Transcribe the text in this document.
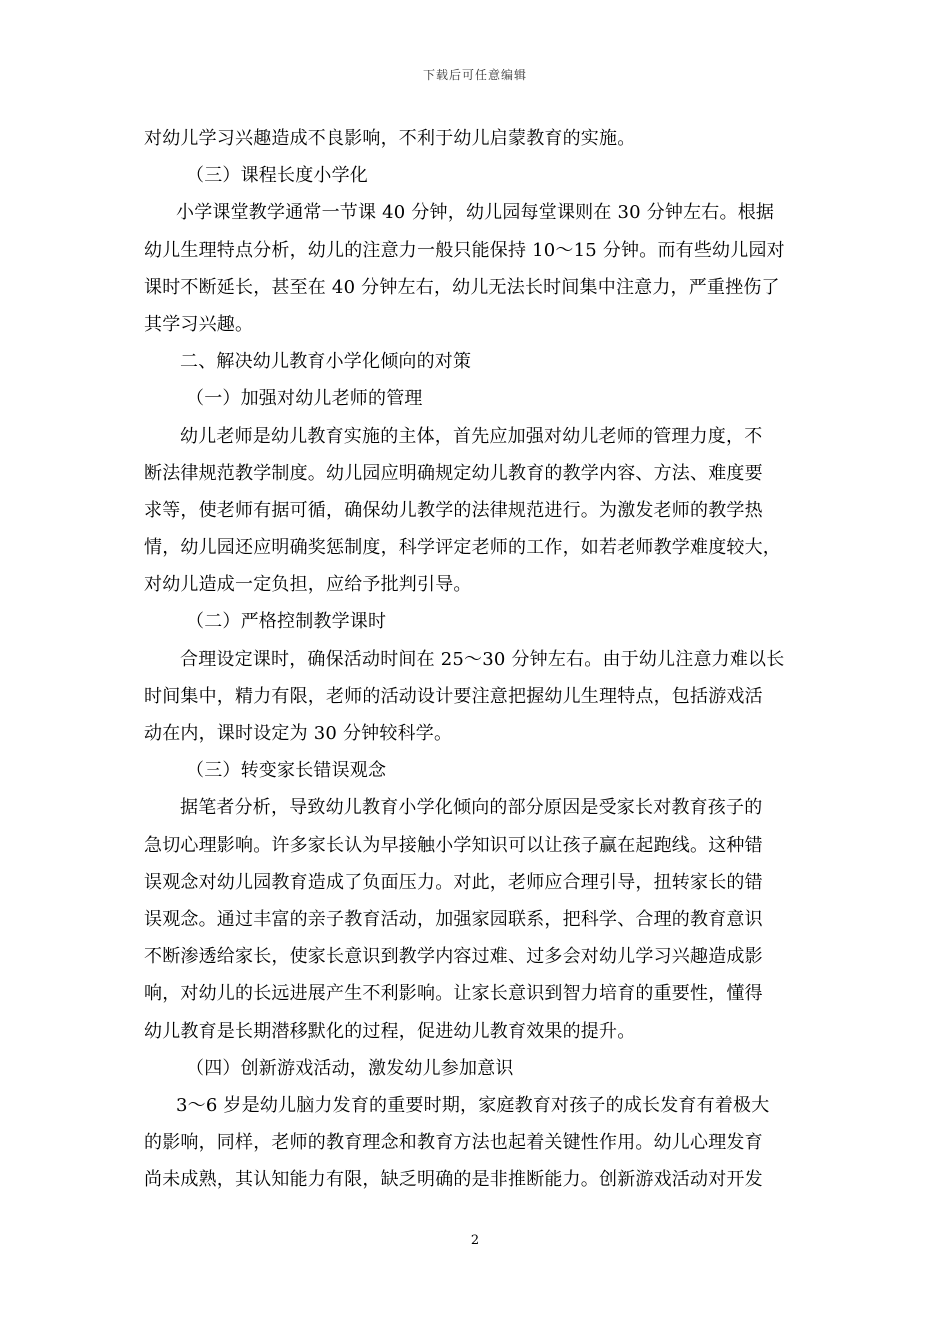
下载后可任意编辑
对幼儿学习兴趣造成不良影响，不利于幼儿启蒙教育的实施。
（三）课程长度小学化
小学课堂教学通常一节课 40 分钟，幼儿园每堂课则在 30 分钟左右。根据
幼儿生理特点分析，幼儿的注意力一般只能保持 10～15 分钟。而有些幼儿园对
课时不断延长，甚至在 40 分钟左右，幼儿无法长时间集中注意力，严重挫伤了
其学习兴趣。
二、解决幼儿教育小学化倾向的对策
（一）加强对幼儿老师的管理
幼儿老师是幼儿教育实施的主体，首先应加强对幼儿老师的管理力度，不
断法律规范教学制度。幼儿园应明确规定幼儿教育的教学内容、方法、难度要
求等，使老师有据可循，确保幼儿教学的法律规范进行。为激发老师的教学热
情，幼儿园还应明确奖惩制度，科学评定老师的工作，如若老师教学难度较大，
对幼儿造成一定负担，应给予批判引导。
（二）严格控制教学课时
合理设定课时，确保活动时间在 25～30 分钟左右。由于幼儿注意力难以长
时间集中，精力有限，老师的活动设计要注意把握幼儿生理特点，包括游戏活
动在内，课时设定为 30 分钟较科学。
（三）转变家长错误观念
据笔者分析，导致幼儿教育小学化倾向的部分原因是受家长对教育孩子的
急切心理影响。许多家长认为早接触小学知识可以让孩子赢在起跑线。这种错
误观念对幼儿园教育造成了负面压力。对此，老师应合理引导，扭转家长的错
误观念。通过丰富的亲子教育活动，加强家园联系，把科学、合理的教育意识
不断渗透给家长，使家长意识到教学内容过难、过多会对幼儿学习兴趣造成影
响，对幼儿的长远进展产生不利影响。让家长意识到智力培育的重要性，懂得
幼儿教育是长期潜移默化的过程，促进幼儿教育效果的提升。
（四）创新游戏活动，激发幼儿参加意识
3～6 岁是幼儿脑力发育的重要时期，家庭教育对孩子的成长发育有着极大
的影响，同样，老师的教育理念和教育方法也起着关键性作用。幼儿心理发育
尚未成熟，其认知能力有限，缺乏明确的是非推断能力。创新游戏活动对开发
2
